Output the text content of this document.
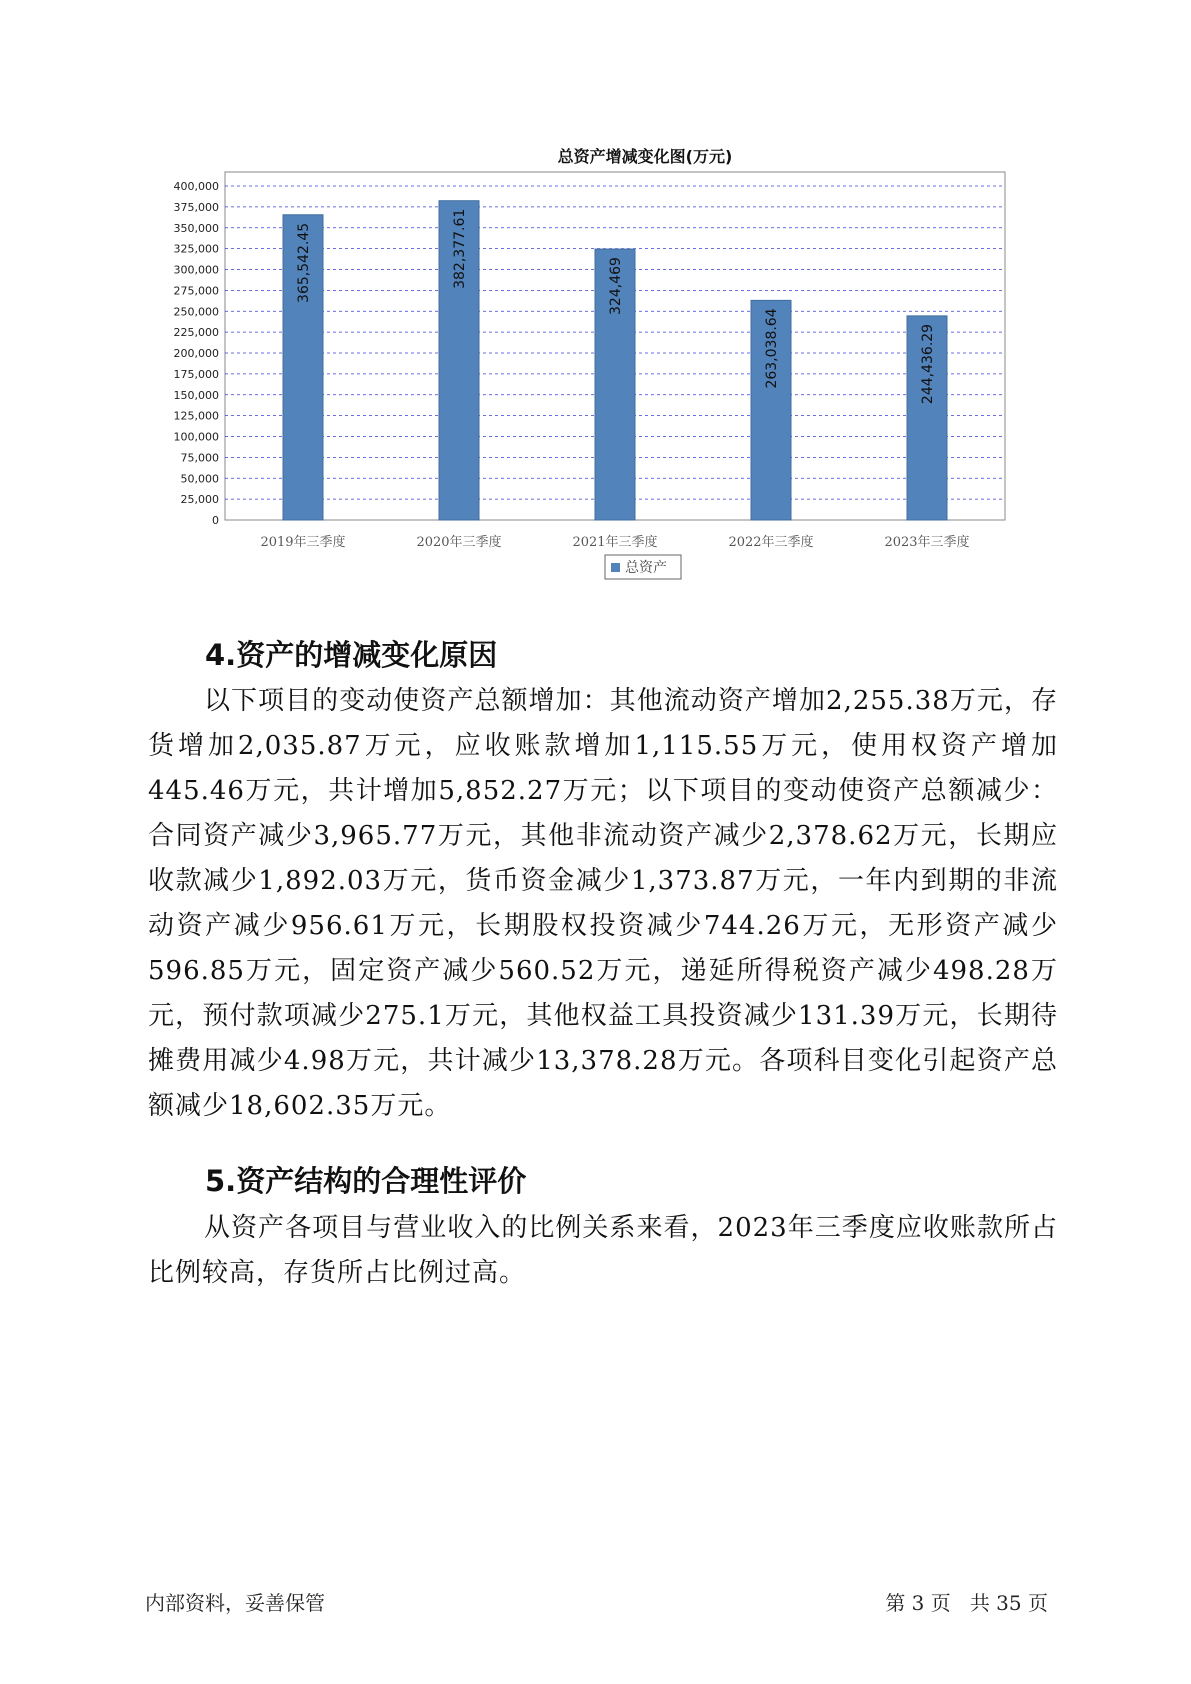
总资产增减变化图(万元)
0
25,000
50,000
75,000
100,000
125,000
150,000
175,000
200,000
225,000
250,000
275,000
300,000
325,000
350,000
375,000
400,000
365,542.45
2019年三季度
382,377.61
2020年三季度
324,469
2021年三季度
263,038.64
2022年三季度
244,436.29
2023年三季度
总资产
4.资产的增减变化原因

以下项目的变动使资产总额增加：其他流动资产增加2,255.38万元，存货增加2,035.87万元，应收账款增加1,115.55万元，使用权资产增加445.46万元，共计增加5,852.27万元；以下项目的变动使资产总额减少：合同资产减少3,965.77万元，其他非流动资产减少2,378.62万元，长期应收款减少1,892.03万元，货币资金减少1,373.87万元，一年内到期的非流动资产减少956.61万元，长期股权投资减少744.26万元，无形资产减少596.85万元，固定资产减少560.52万元，递延所得税资产减少498.28万元，预付款项减少275.1万元，其他权益工具投资减少131.39万元，长期待摊费用减少4.98万元，共计减少13,378.28万元。各项科目变化引起资产总额减少18,602.35万元。

5.资产结构的合理性评价

从资产各项目与营业收入的比例关系来看，2023年三季度应收账款所占比例较高，存货所占比例过高。

内部资料，妥善保管	第 3 页   共 35 页
